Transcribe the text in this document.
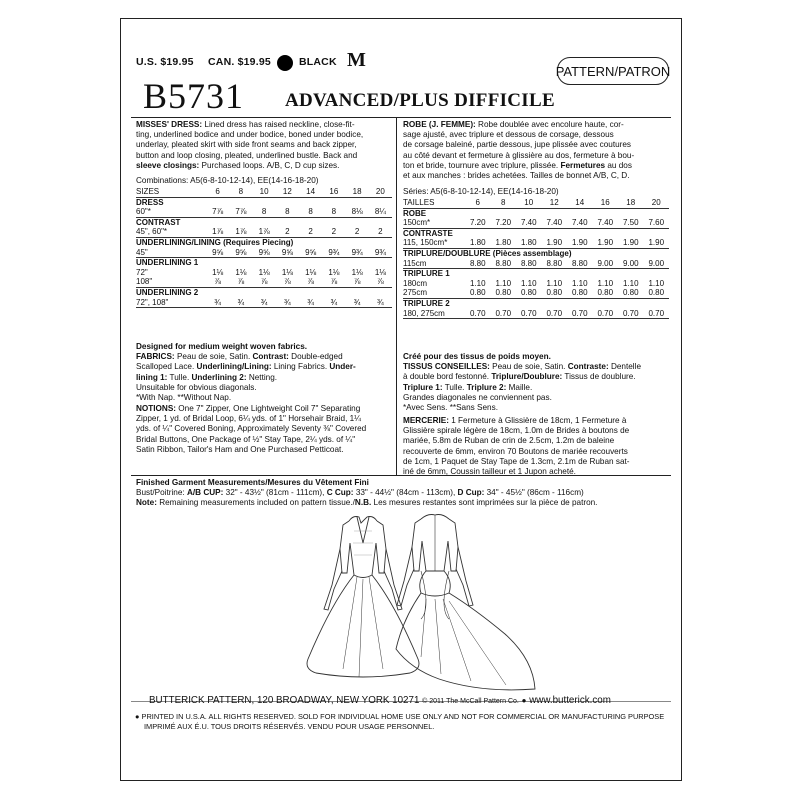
U.S. $19.95 CAN. $19.95	BLACK M	PATTERN/PATRON
B5731 ADVANCED/PLUS DIFFICILE

MISSES' DRESS: Lined dress has raised neckline, close-fit-

ting, underlined bodice and under bodice, boned under bodice,

underlay, pleated skirt with side front seams and back zipper,

button and loop closing, pleated, underlined bustle. Back and

sleeve closings: Purchased loops. A/B, C, D cup sizes.

Combinations: A5(6-8-10-12-14), EE(14-16-18-20)
SIZES	6	8	10	12	14	16	18	20
DRESS								
60"*	7⅞	7⅞	8	8	8	8	8⅛	8¼
CONTRAST								
45", 60"*	1⅞	1⅞	1⅞	2	2	2	2	2
UNDERLINING/LINING (Requires Piecing)								
45"	9⅝	9⅝	9⅝	9⅝	9⅝	9¾	9¾	9¾
UNDERLINING 1								
72"	1⅛	1⅛	1⅛	1⅛	1⅛	1⅛	1⅛	1⅛
108"	⅞	⅞	⅞	⅞	⅞	⅞	⅞	⅞
UNDERLINING 2								
72", 108"	¾	¾	¾	¾	¾	¾	¾	¾

Designed for medium weight woven fabrics.

FABRICS: Peau de soie, Satin. Contrast: Double-edged

Scalloped Lace. Underlining/Lining: Lining Fabrics. Under-

lining 1: Tulle. Underlining 2: Netting.

Unsuitable for obvious diagonals.

*With Nap. **Without Nap.

NOTIONS: One 7" Zipper, One Lightweight Coil 7" Separating

Zipper, 1 yd. of Bridal Loop, 6¼ yds. of 1" Horsehair Braid, 1¼

yds. of ¼" Covered Boning, Approximately Seventy ⅜" Covered

Bridal Buttons, One Package of ½" Stay Tape, 2¼ yds. of ¼"

Satin Ribbon, Tailor's Ham and One Purchased Petticoat.

ROBE (J. FEMME): Robe doublée avec encolure haute, cor-

sage ajusté, avec triplure et dessous de corsage, dessous

de corsage baleiné, partie dessous, jupe plissée avec coutures

au côté devant et fermeture à glissière au dos, fermeture à bou-

ton et bride, tournure avec triplure, plissée. Fermetures au dos

et aux manches : brides achetées. Tailles de bonnet A/B, C, D.

Séries: A5(6-8-10-12-14), EE(14-16-18-20)
TAILLES	6	8	10	12	14	16	18	20
ROBE								
150cm*	7.20	7.20	7.40	7.40	7.40	7.40	7.50	7.60
CONTRASTE								
115, 150cm*	1.80	1.80	1.80	1.90	1.90	1.90	1.90	1.90
TRIPLURE/DOUBLURE (Pièces assemblage)								
115cm	8.80	8.80	8.80	8.80	8.80	9.00	9.00	9.00
TRIPLURE 1								
180cm	1.10	1.10	1.10	1.10	1.10	1.10	1.10	1.10
275cm	0.80	0.80	0.80	0.80	0.80	0.80	0.80	0.80
TRIPLURE 2								
180, 275cm	0.70	0.70	0.70	0.70	0.70	0.70	0.70	0.70

Créé pour des tissus de poids moyen.

TISSUS CONSEILLES: Peau de soie, Satin. Contraste: Dentelle

à double bord festonné. Triplure/Doublure: Tissus de doublure.

Triplure 1: Tulle. Triplure 2: Maille.

Grandes diagonales ne conviennent pas.

*Avec Sens. **Sans Sens.

MERCERIE: 1 Fermeture à Glissière de 18cm, 1 Fermeture à

Glissière spirale légère de 18cm, 1.0m de Brides à boutons de

mariée, 5.8m de Ruban de crin de 2.5cm, 1.2m de baleine

recouverte de 6mm, environ 70 Boutons de mariée recouverts

de 1cm, 1 Paquet de Stay Tape de 1.3cm, 2.1m de Ruban sat-

iné de 6mm, Coussin tailleur et 1 Jupon acheté.

Finished Garment Measurements/Mesures du Vêtement Fini

Bust/Poitrine: A/B CUP: 32" - 43½" (81cm - 111cm), C Cup: 33" - 44½" (84cm - 113cm), D Cup: 34" - 45½" (86cm - 116cm)

Note: Remaining measurements included on pattern tissue./N.B. Les mesures restantes sont imprimées sur la pièce de patron.

BUTTERICK PATTERN, 120 BROADWAY, NEW YORK 10271 © 2011 The McCall Pattern Co. ● www.butterick.com
● PRINTED IN U.S.A. ALL RIGHTS RESERVED. SOLD FOR INDIVIDUAL HOME USE ONLY AND NOT FOR COMMERCIAL OR MANUFACTURING PURPOSE
IMPRIMÉ AUX É.U. TOUS DROITS RÉSERVÉS. VENDU POUR USAGE PERSONNEL.
